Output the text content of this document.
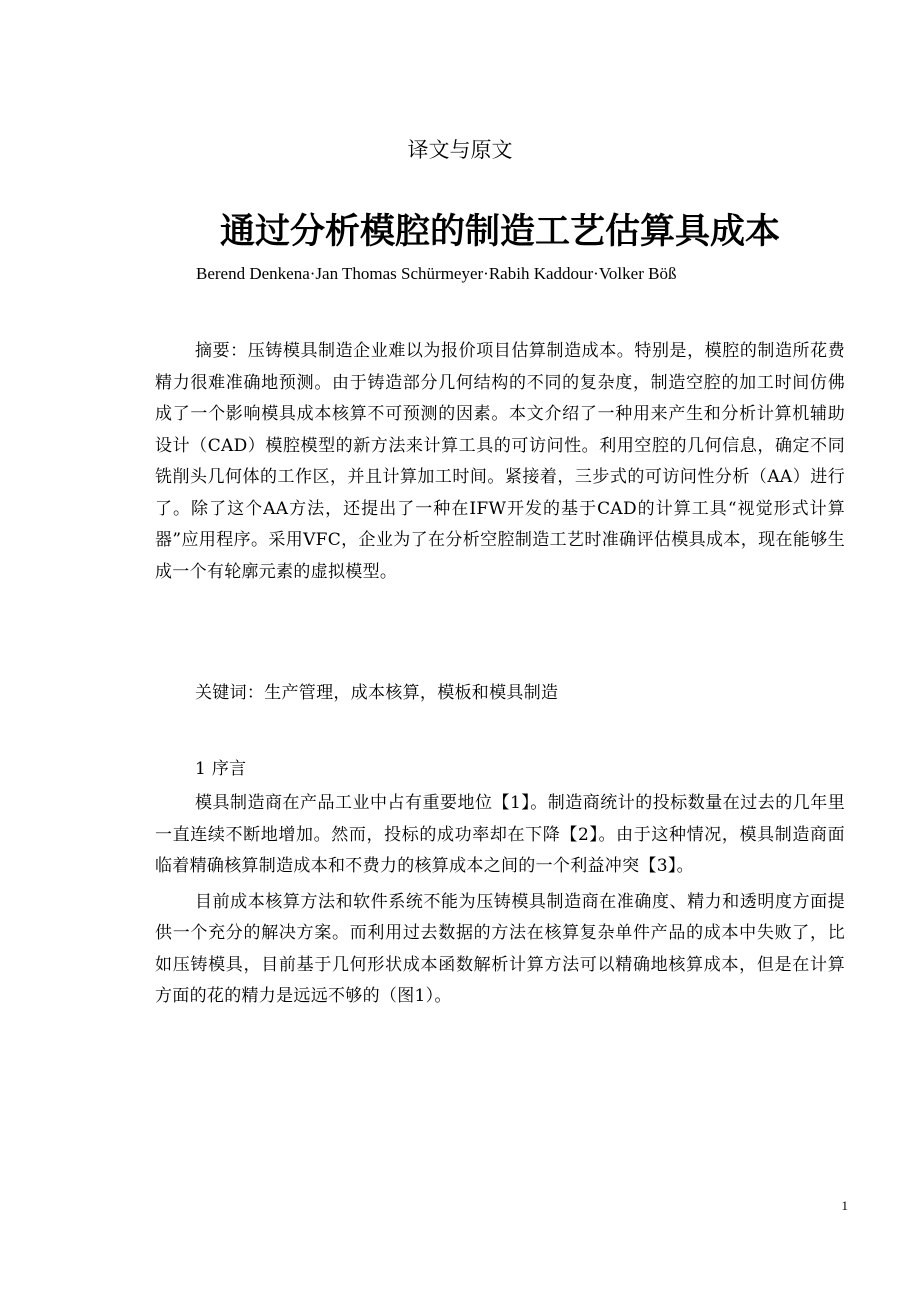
译文与原文
通过分析模腔的制造工艺估算具成本
Berend Denkena·Jan Thomas Schürmeyer·Rabih Kaddour·Volker Böß

摘要：压铸模具制造企业难以为报价项目估算制造成本。特别是，模腔的制造所花费精力很难准确地预测。由于铸造部分几何结构的不同的复杂度，制造空腔的加工时间仿佛成了一个影响模具成本核算不可预测的因素。本文介绍了一种用来产生和分析计算机辅助设计（CAD）模腔模型的新方法来计算工具的可访问性。利用空腔的几何信息，确定不同铣削头几何体的工作区，并且计算加工时间。紧接着，三步式的可访问性分析（AA）进行了。除了这个AA方法，还提出了一种在IFW开发的基于CAD的计算工具“视觉形式计算器”应用程序。采用VFC，企业为了在分析空腔制造工艺时准确评估模具成本，现在能够生成一个有轮廓元素的虚拟模型。

关键词：生产管理，成本核算，模板和模具制造

1 序言

模具制造商在产品工业中占有重要地位【1】。制造商统计的投标数量在过去的几年里一直连续不断地增加。然而，投标的成功率却在下降【2】。由于这种情况，模具制造商面临着精确核算制造成本和不费力的核算成本之间的一个利益冲突【3】。

目前成本核算方法和软件系统不能为压铸模具制造商在准确度、精力和透明度方面提供一个充分的解决方案。而利用过去数据的方法在核算复杂单件产品的成本中失败了，比如压铸模具，目前基于几何形状成本函数解析计算方法可以精确地核算成本，但是在计算方面的花的精力是远远不够的（图1）。

1
